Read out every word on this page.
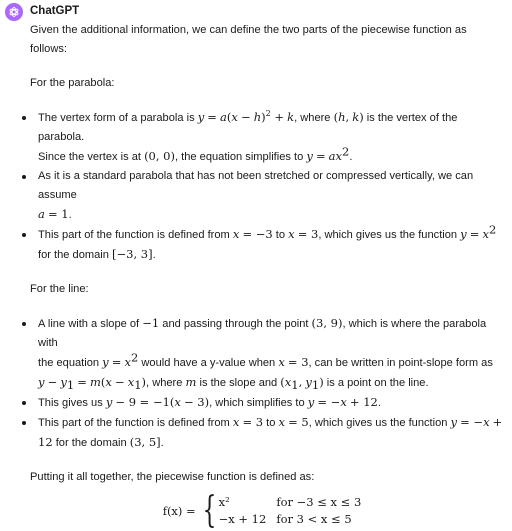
ChatGPT

Given the additional information, we can define the two parts of the piecewise function as follows:

For the parabola:

The vertex form of a parabola is $y = a(x - h)^2 + k$, where (h, k) is the vertex of the parabola.
Since the vertex is at (0, 0), the equation simplifies to $y = ax^2$.
As it is a standard parabola that has not been stretched or compressed vertically, we can assume
a = 1.
This part of the function is defined from x = −3 to x = 3, which gives us the function $y = x^2$
for the domain [−3, 3].

For the line:

A line with a slope of −1 and passing through the point (3, 9), which is where the parabola with
the equation $y = x^2$ would have a y-value when x = 3, can be written in point-slope form as
$y - y_1 = m(x - x_1)$, where m is the slope and ($x_1$, $y_1$) is a point on the line.
This gives us y − 9 = −1(x − 3), which simplifies to y = −x + 12.
This part of the function is defined from x = 3 to x = 5, which gives us the function y = −x +
12 for the domain (3, 5].

Putting it all together, the piecewise function is defined as:

f(x) = { x²	for −3 ≤ x ≤ 3
−x + 12	for 3 < x ≤ 5
